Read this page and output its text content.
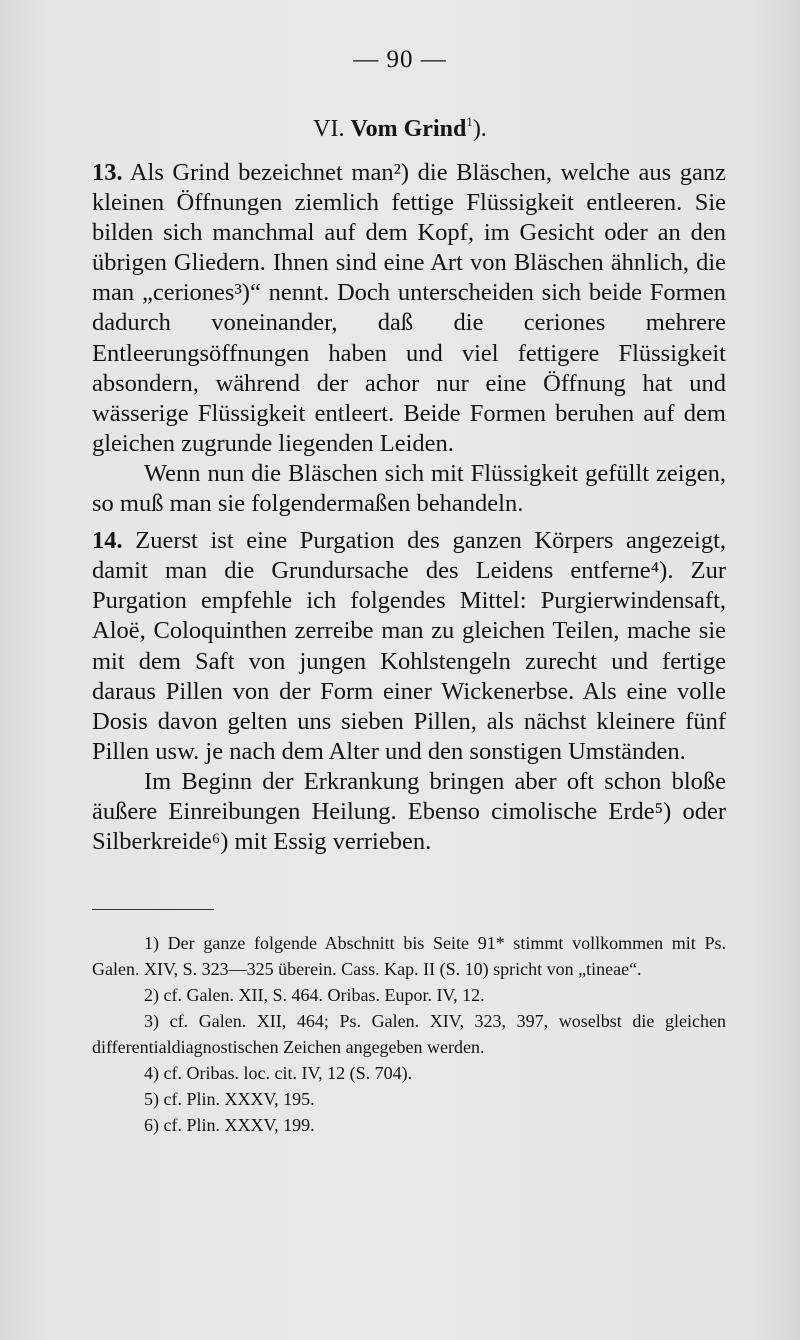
— 90 —
VI. Vom Grind$^1$).

13. Als Grind bezeichnet man²) die Bläschen, welche aus ganz kleinen Öffnungen ziemlich fettige Flüssigkeit entleeren. Sie bilden sich manchmal auf dem Kopf, im Gesicht oder an den übrigen Gliedern. Ihnen sind eine Art von Bläschen ähnlich, die man „ceriones³)“ nennt. Doch unterscheiden sich beide Formen dadurch voneinander, daß die ceriones mehrere Entleerungsöffnungen haben und viel fettigere Flüssigkeit absondern, während der achor nur eine Öffnung hat und wässerige Flüssigkeit entleert. Beide Formen beruhen auf dem gleichen zugrunde liegenden Leiden.

Wenn nun die Bläschen sich mit Flüssigkeit gefüllt zeigen, so muß man sie folgendermaßen behandeln.

14. Zuerst ist eine Purgation des ganzen Körpers angezeigt, damit man die Grundursache des Leidens entferne⁴). Zur Purgation empfehle ich folgendes Mittel: Purgierwindensaft, Aloë, Coloquinthen zerreibe man zu gleichen Teilen, mache sie mit dem Saft von jungen Kohlstengeln zurecht und fertige daraus Pillen von der Form einer Wickenerbse. Als eine volle Dosis davon gelten uns sieben Pillen, als nächst kleinere fünf Pillen usw. je nach dem Alter und den sonstigen Umständen.

Im Beginn der Erkrankung bringen aber oft schon bloße äußere Einreibungen Heilung. Ebenso cimolische Erde⁵) oder Silberkreide⁶) mit Essig verrieben.

1) Der ganze folgende Abschnitt bis Seite 91* stimmt vollkommen mit Ps. Galen. XIV, S. 323—325 überein. Cass. Kap. II (S. 10) spricht von „tineae“.

2) cf. Galen. XII, S. 464. Oribas. Eupor. IV, 12.

3) cf. Galen. XII, 464; Ps. Galen. XIV, 323, 397, woselbst die gleichen differentialdiagnostischen Zeichen angegeben werden.

4) cf. Oribas. loc. cit. IV, 12 (S. 704).

5) cf. Plin. XXXV, 195.

6) cf. Plin. XXXV, 199.
